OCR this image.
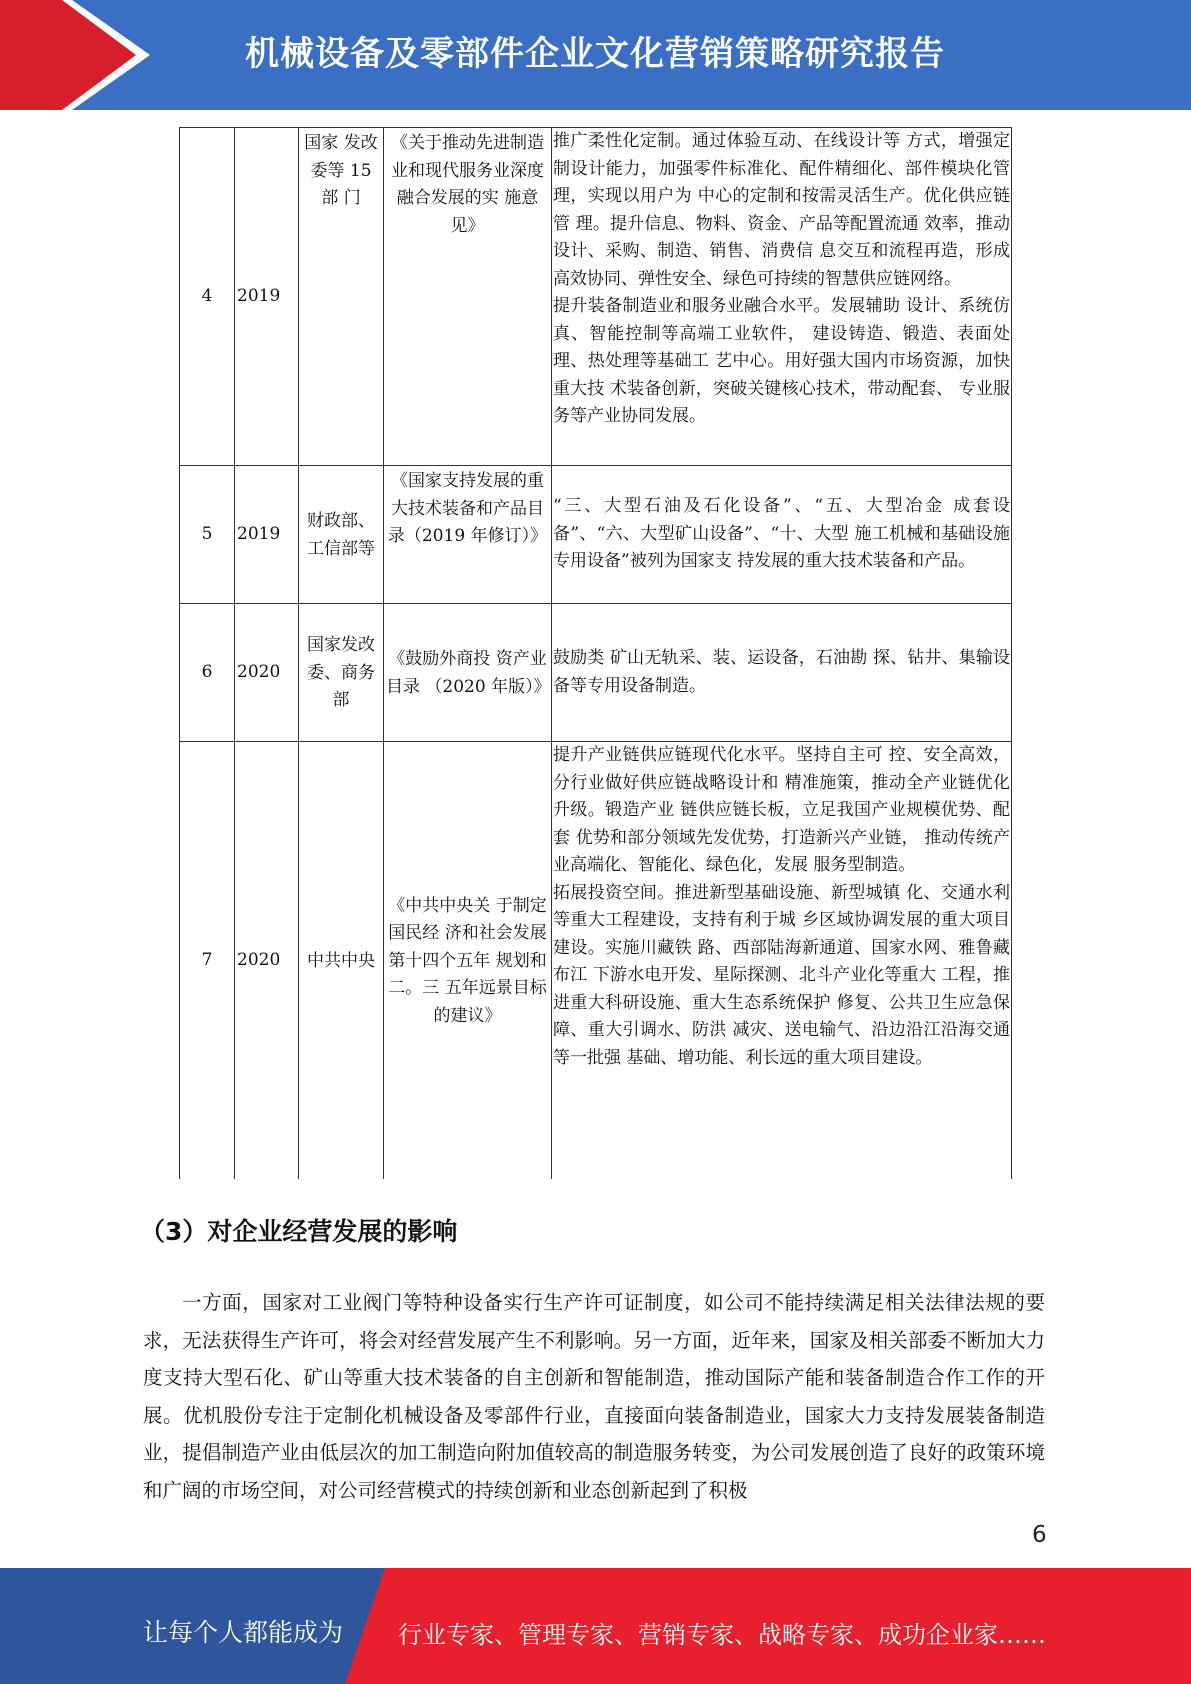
机械设备及零部件企业文化营销策略研究报告
4	2019	国家 发改委等 15 部 门	《关于推动先进制造业和现代服务业深度 融合发展的实 施意见》	推广柔性化定制。通过体验互动、在线设计等 方式，增强定制设计能力，加强零件标准化、配件精细化、部件模块化管理，实现以用户为 中心的定制和按需灵活生产。优化供应链管 理。提升信息、物料、资金、产品等配置流通 效率，推动设计、采购、制造、销售、消费信 息交互和流程再造，形成高效协同、弹性安全、绿色可持续的智慧供应链网络。
提升装备制造业和服务业融合水平。发展辅助 设计、系统仿真、智能控制等高端工业软件， 建设铸造、锻造、表面处理、热处理等基础工 艺中心。用好强大国内市场资源，加快重大技 术装备创新，突破关键核心技术，带动配套、 专业服务等产业协同发展。

5	2019	财政部、工信部等	《国家支持发展的重大技术装备和产品目录（2019 年修订）》	“三、大型石油及石化设备”、“五、大型冶金 成套设备”、“六、大型矿山设备”、“十、大型 施工机械和基础设施专用设备”被列为国家支 持发展的重大技术装备和产品。

6	2020	国家发改委、商务部	《鼓励外商投 资产业目录 （2020 年版）》	鼓励类 矿山无轨采、装、运设备，石油勘 探、钻井、集输设备等专用设备制造。

7	2020	中共中央	《中共中央关 于制定国民经 济和社会发展 第十四个五年 规划和二。三 五年远景目标 的建议》	提升产业链供应链现代化水平。坚持自主可 控、安全高效，分行业做好供应链战略设计和 精准施策，推动全产业链优化升级。锻造产业 链供应链长板，立足我国产业规模优势、配套 优势和部分领域先发优势，打造新兴产业链， 推动传统产业高端化、智能化、绿色化，发展 服务型制造。
拓展投资空间。推进新型基础设施、新型城镇 化、交通水利等重大工程建设，支持有利于城 乡区域协调发展的重大项目建设。实施川藏铁 路、西部陆海新通道、国家水网、雅鲁藏布江 下游水电开发、星际探测、北斗产业化等重大 工程，推进重大科研设施、重大生态系统保护 修复、公共卫生应急保障、重大引调水、防洪 减灾、送电输气、沿边沿江沿海交通等一批强 基础、增功能、利长远的重大项目建设。
（3）对企业经营发展的影响
一方面，国家对工业阀门等特种设备实行生产许可证制度，如公司不能持续满足相关法律法规的要求，无法获得生产许可，将会对经营发展产生不利影响。另一方面，近年来，国家及相关部委不断加大力度支持大型石化、矿山等重大技术装备的自主创新和智能制造，推动国际产能和装备制造合作工作的开展。优机股份专注于定制化机械设备及零部件行业，直接面向装备制造业，国家大力支持发展装备制造业，提倡制造产业由低层次的加工制造向附加值较高的制造服务转变，为公司发展创造了良好的政策环境和广阔的市场空间，对公司经营模式的持续创新和业态创新起到了积极
6
让每个人都能成为 行业专家、管理专家、营销专家、战略专家、成功企业家……
